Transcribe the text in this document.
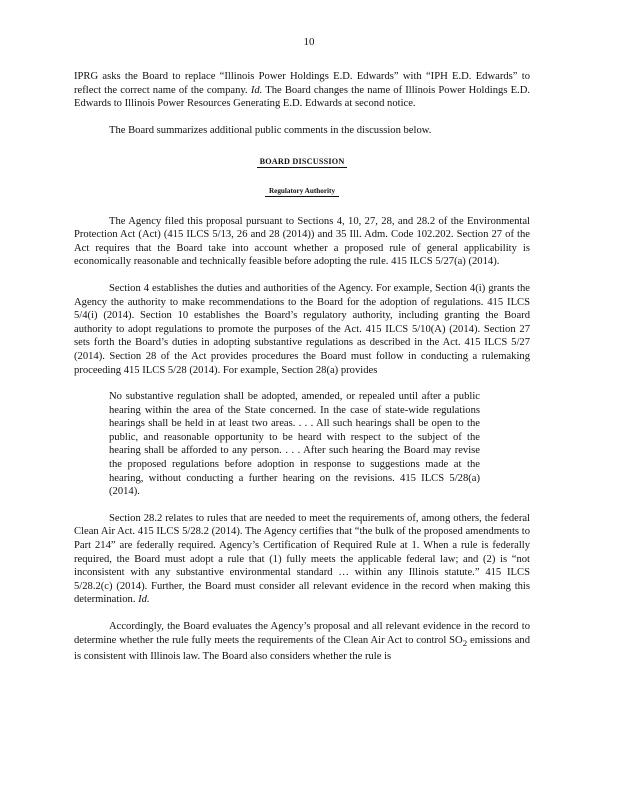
10

IPRG asks the Board to replace “Illinois Power Holdings E.D. Edwards” with “IPH E.D. Edwards” to reflect the correct name of the company. Id. The Board changes the name of Illinois Power Holdings E.D. Edwards to Illinois Power Resources Generating E.D. Edwards at second notice.

The Board summarizes additional public comments in the discussion below.

BOARD DISCUSSION
Regulatory Authority

The Agency filed this proposal pursuant to Sections 4, 10, 27, 28, and 28.2 of the Environmental Protection Act (Act) (415 ILCS 5/13, 26 and 28 (2014)) and 35 Ill. Adm. Code 102.202. Section 27 of the Act requires that the Board take into account whether a proposed rule of general applicability is economically reasonable and technically feasible before adopting the rule. 415 ILCS 5/27(a) (2014).

Section 4 establishes the duties and authorities of the Agency. For example, Section 4(i) grants the Agency the authority to make recommendations to the Board for the adoption of regulations. 415 ILCS 5/4(i) (2014). Section 10 establishes the Board’s regulatory authority, including granting the Board authority to adopt regulations to promote the purposes of the Act. 415 ILCS 5/10(A) (2014). Section 27 sets forth the Board’s duties in adopting substantive regulations as described in the Act. 415 ILCS 5/27 (2014). Section 28 of the Act provides procedures the Board must follow in conducting a rulemaking proceeding 415 ILCS 5/28 (2014). For example, Section 28(a) provides

No substantive regulation shall be adopted, amended, or repealed until after a public hearing within the area of the State concerned. In the case of state-wide regulations hearings shall be held in at least two areas. . . . All such hearings shall be open to the public, and reasonable opportunity to be heard with respect to the subject of the hearing shall be afforded to any person. . . . After such hearing the Board may revise the proposed regulations before adoption in response to suggestions made at the hearing, without conducting a further hearing on the revisions. 415 ILCS 5/28(a) (2014).

Section 28.2 relates to rules that are needed to meet the requirements of, among others, the federal Clean Air Act. 415 ILCS 5/28.2 (2014). The Agency certifies that “the bulk of the proposed amendments to Part 214” are federally required. Agency’s Certification of Required Rule at 1. When a rule is federally required, the Board must adopt a rule that (1) fully meets the applicable federal law; and (2) is “not inconsistent with any substantive environmental standard … within any Illinois statute.” 415 ILCS 5/28.2(c) (2014). Further, the Board must consider all relevant evidence in the record when making this determination. Id.

Accordingly, the Board evaluates the Agency’s proposal and all relevant evidence in the record to determine whether the rule fully meets the requirements of the Clean Air Act to control $SO_2$ emissions and is consistent with Illinois law. The Board also considers whether the rule is
